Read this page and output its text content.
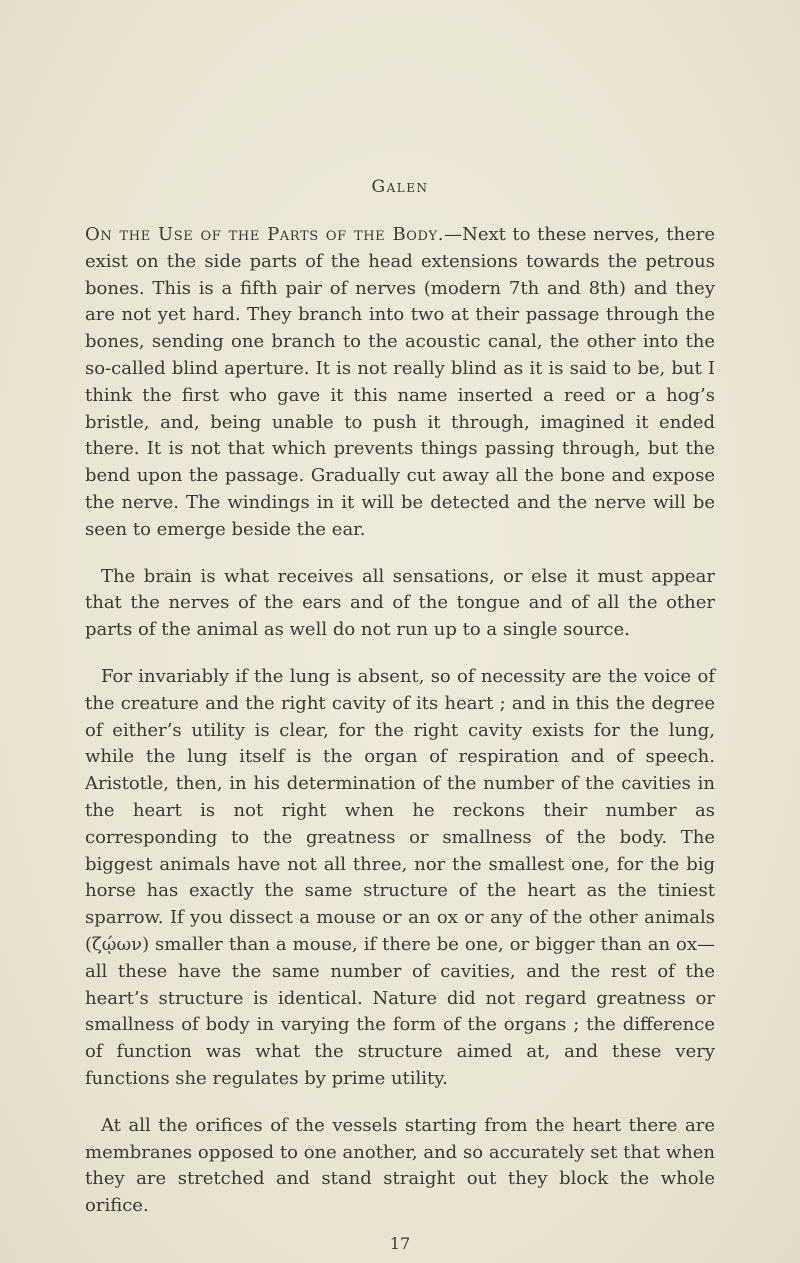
Galen

On the Use of the Parts of the Body.—Next to these nerves, there exist on the side parts of the head extensions towards the petrous bones. This is a fifth pair of nerves (modern 7th and 8th) and they are not yet hard. They branch into two at their passage through the bones, sending one branch to the acoustic canal, the other into the so-called blind aperture. It is not really blind as it is said to be, but I think the first who gave it this name inserted a reed or a hog’s bristle, and, being unable to push it through, imagined it ended there. It is not that which prevents things passing through, but the bend upon the passage. Gradually cut away all the bone and expose the nerve. The windings in it will be detected and the nerve will be seen to emerge beside the ear.

The brain is what receives all sensations, or else it must appear that the nerves of the ears and of the tongue and of all the other parts of the animal as well do not run up to a single source.

For invariably if the lung is absent, so of necessity are the voice of the creature and the right cavity of its heart ; and in this the degree of either’s utility is clear, for the right cavity exists for the lung, while the lung itself is the organ of respiration and of speech. Aristotle, then, in his determination of the number of the cavities in the heart is not right when he reckons their number as corresponding to the greatness or smallness of the body. The biggest animals have not all three, nor the smallest one, for the big horse has exactly the same structure of the heart as the tiniest sparrow. If you dissect a mouse or an ox or any of the other animals (ζῴων) smaller than a mouse, if there be one, or bigger than an ox—all these have the same number of cavities, and the rest of the heart’s structure is identical. Nature did not regard greatness or smallness of body in varying the form of the organs ; the difference of function was what the structure aimed at, and these very functions she regulates by prime utility.

At all the orifices of the vessels starting from the heart there are membranes opposed to one another, and so accurately set that when they are stretched and stand straight out they block the whole orifice.

17
